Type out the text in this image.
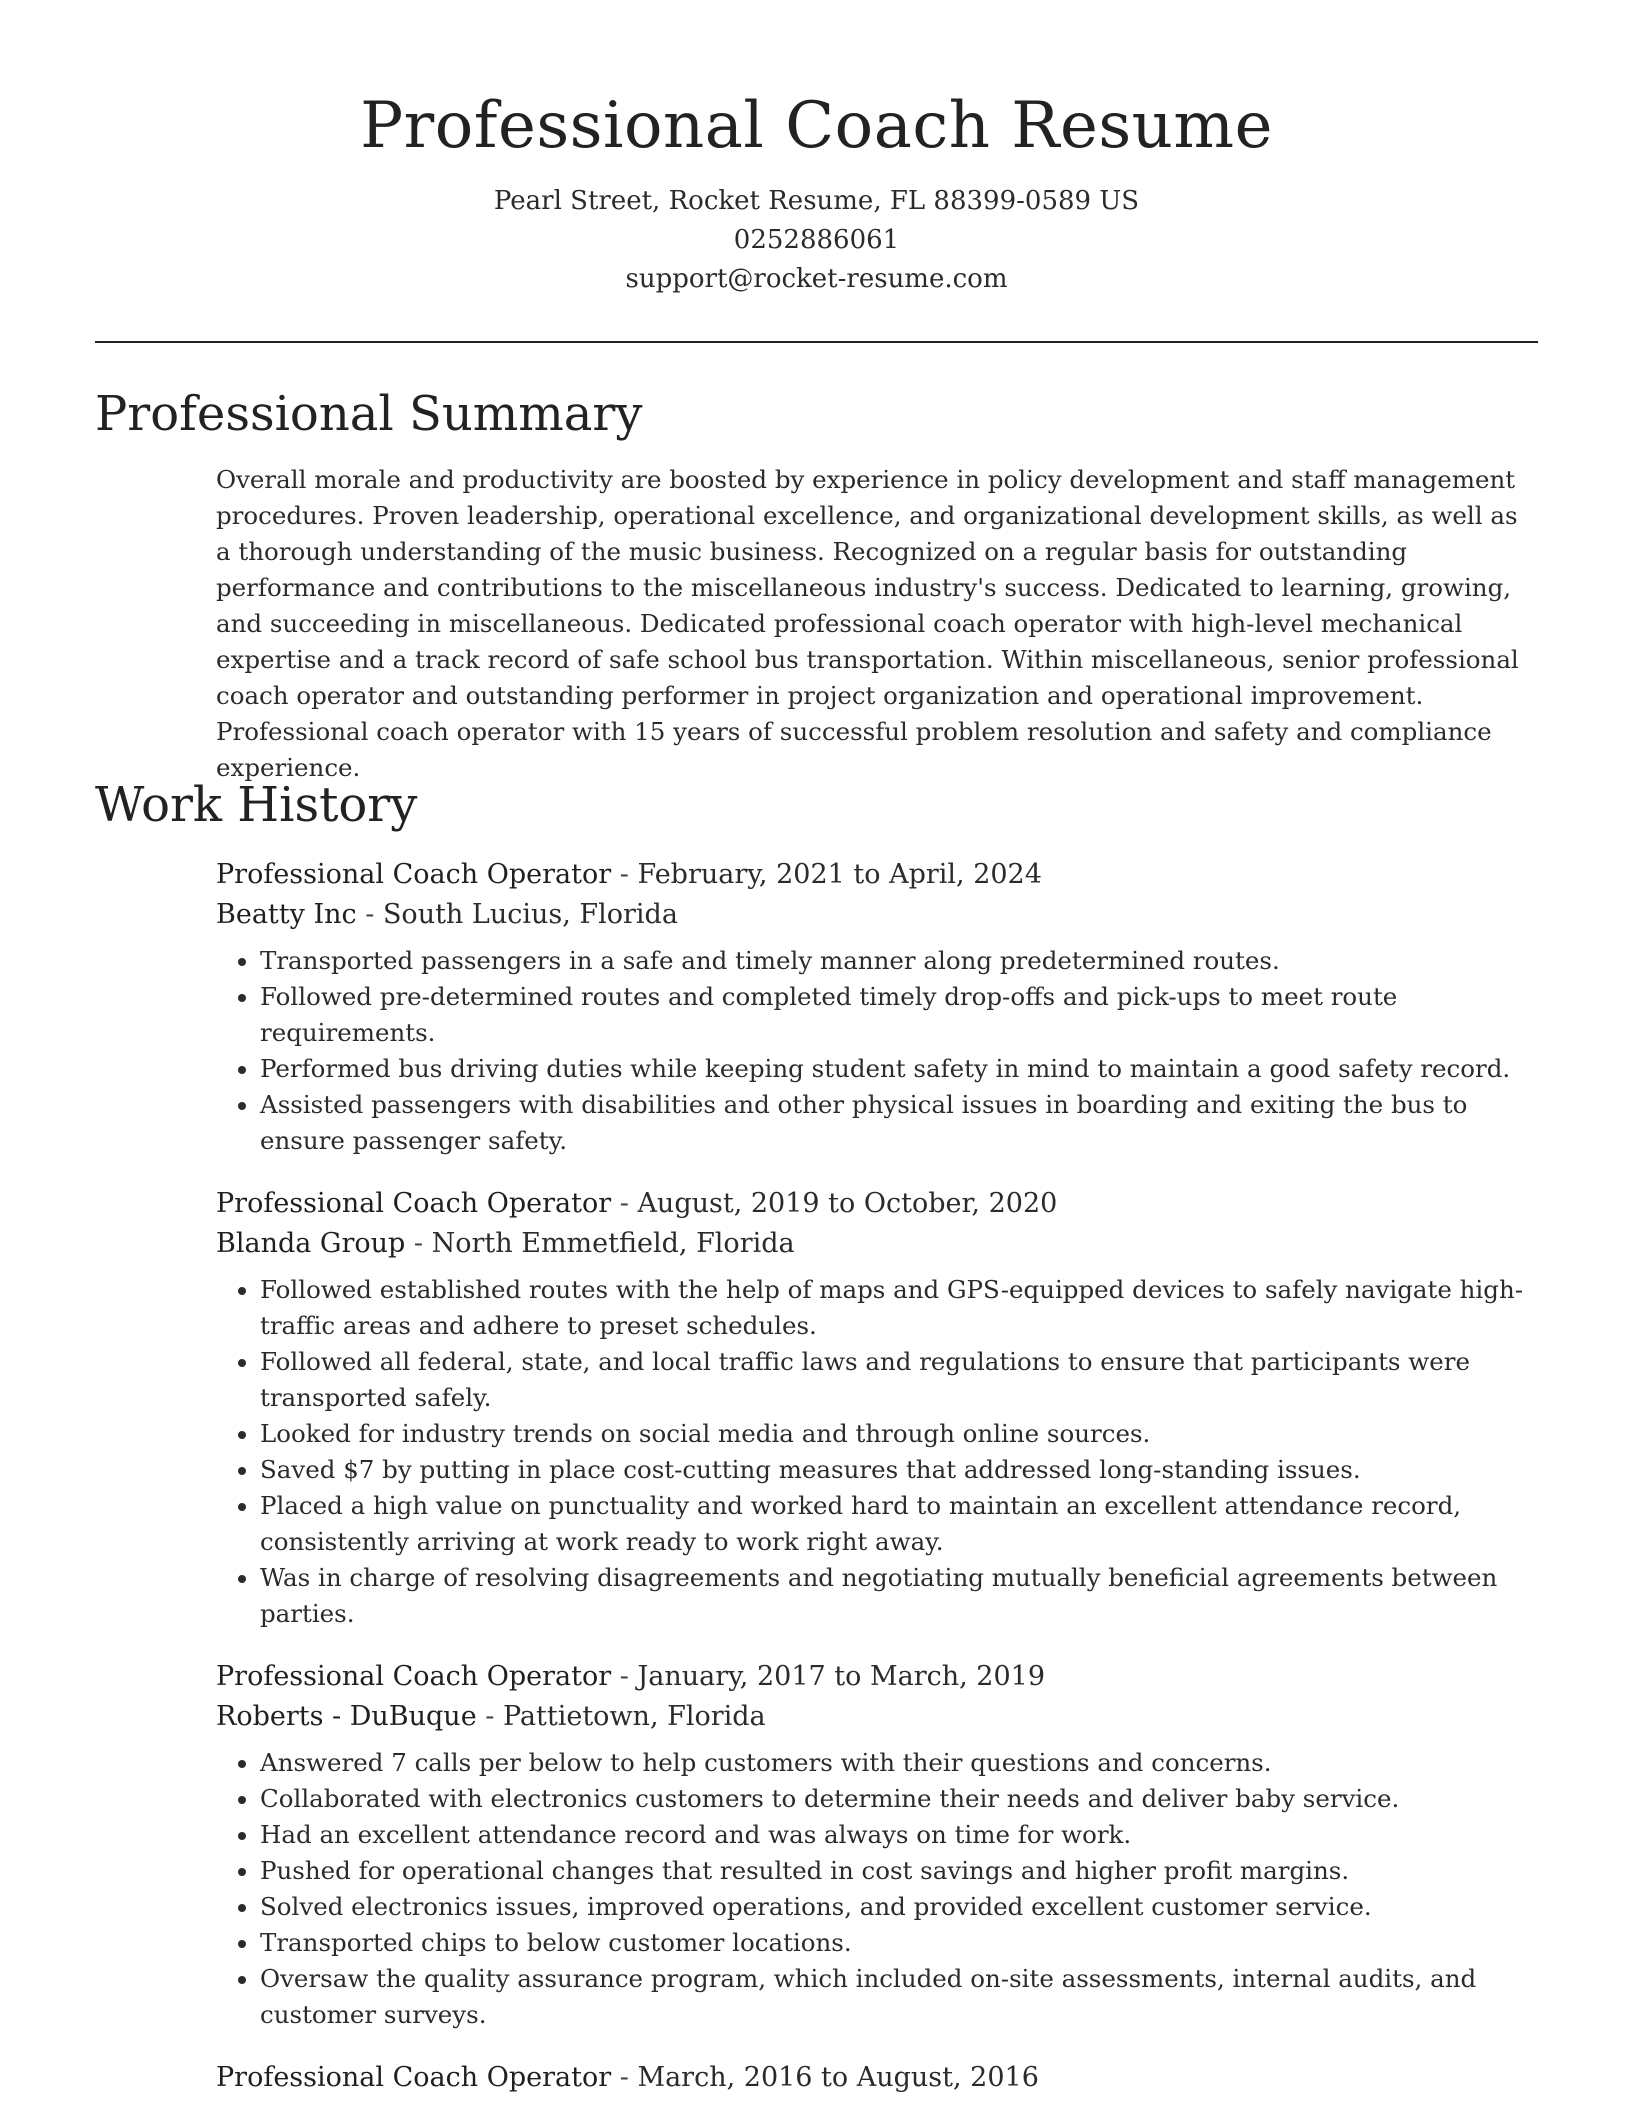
Professional Coach Resume
Pearl Street, Rocket Resume, FL 88399-0589 US
0252886061
support@rocket-resume.com
Professional Summary

Overall morale and productivity are boosted by experience in policy development and staff management procedures. Proven leadership, operational excellence, and organizational development skills, as well as a thorough understanding of the music business. Recognized on a regular basis for outstanding performance and contributions to the miscellaneous industry's success. Dedicated to learning, growing, and succeeding in miscellaneous. Dedicated professional coach operator with high-level mechanical expertise and a track record of safe school bus transportation. Within miscellaneous, senior professional coach operator and outstanding performer in project organization and operational improvement. Professional coach operator with 15 years of successful problem resolution and safety and compliance experience.

Work History
Professional Coach Operator - February, 2021 to April, 2024
Beatty Inc - South Lucius, Florida
• Transported passengers in a safe and timely manner along predetermined routes.
• Followed pre-determined routes and completed timely drop-offs and pick-ups to meet route requirements.
• Performed bus driving duties while keeping student safety in mind to maintain a good safety record.
• Assisted passengers with disabilities and other physical issues in boarding and exiting the bus to ensure passenger safety.
Professional Coach Operator - August, 2019 to October, 2020
Blanda Group - North Emmetfield, Florida
• Followed established routes with the help of maps and GPS-equipped devices to safely navigate high-traffic areas and adhere to preset schedules.
• Followed all federal, state, and local traffic laws and regulations to ensure that participants were transported safely.
• Looked for industry trends on social media and through online sources.
• Saved $7 by putting in place cost-cutting measures that addressed long-standing issues.
• Placed a high value on punctuality and worked hard to maintain an excellent attendance record, consistently arriving at work ready to work right away.
• Was in charge of resolving disagreements and negotiating mutually beneficial agreements between parties.
Professional Coach Operator - January, 2017 to March, 2019
Roberts - DuBuque - Pattietown, Florida
• Answered 7 calls per below to help customers with their questions and concerns.
• Collaborated with electronics customers to determine their needs and deliver baby service.
• Had an excellent attendance record and was always on time for work.
• Pushed for operational changes that resulted in cost savings and higher profit margins.
• Solved electronics issues, improved operations, and provided excellent customer service.
• Transported chips to below customer locations.
• Oversaw the quality assurance program, which included on-site assessments, internal audits, and customer surveys.
Professional Coach Operator - March, 2016 to August, 2016
